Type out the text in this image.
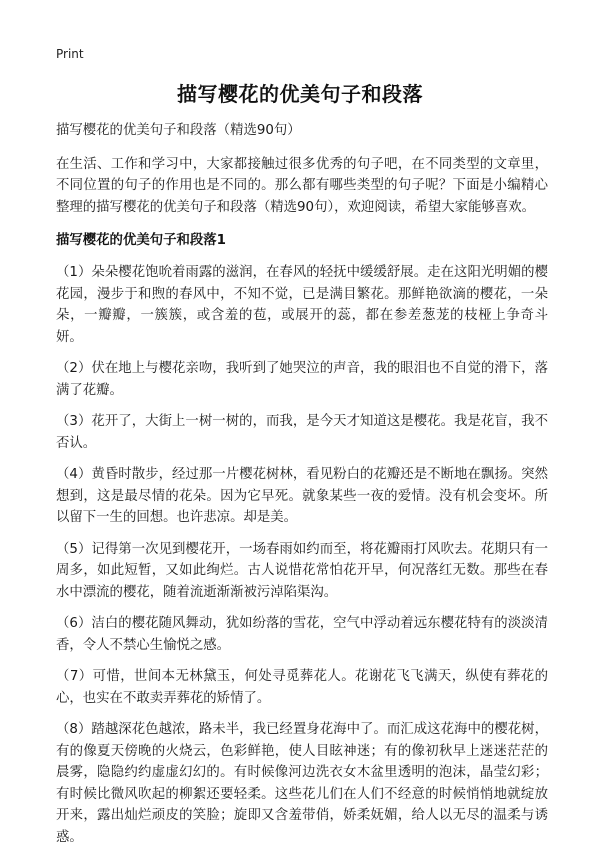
Print
描写樱花的优美句子和段落

描写樱花的优美句子和段落（精选90句）

在生活、工作和学习中，大家都接触过很多优秀的句子吧，在不同类型的文章里，不同位置的句子的作用也是不同的。那么都有哪些类型的句子呢？下面是小编精心整理的描写樱花的优美句子和段落（精选90句），欢迎阅读，希望大家能够喜欢。

描写樱花的优美句子和段落1

（1）朵朵樱花饱吮着雨露的滋润，在春风的轻抚中缓缓舒展。走在这阳光明媚的樱花园，漫步于和煦的春风中，不知不觉，已是满目繁花。那鲜艳欲滴的樱花，一朵朵，一瓣瓣，一簇簇，或含羞的苞，或展开的蕊，都在参差葱茏的枝桠上争奇斗妍。

（2）伏在地上与樱花亲吻，我听到了她哭泣的声音，我的眼泪也不自觉的滑下，落满了花瓣。

（3）花开了，大街上一树一树的，而我，是今天才知道这是樱花。我是花盲，我不否认。

（4）黄昏时散步，经过那一片樱花树林，看见粉白的花瓣还是不断地在飘扬。突然想到，这是最尽情的花朵。因为它早死。就象某些一夜的爱情。没有机会变坏。所以留下一生的回想。也许悲凉。却是美。

（5）记得第一次见到樱花开，一场春雨如约而至，将花瓣雨打风吹去。花期只有一周多，如此短暂，又如此绚烂。古人说惜花常怕花开早，何况落红无数。那些在春水中漂流的樱花，随着流逝渐渐被污淖陷渠沟。

（6）洁白的樱花随风舞动，犹如纷落的雪花，空气中浮动着远东樱花特有的淡淡清香，令人不禁心生愉悦之感。

（7）可惜，世间本无林黛玉，何处寻觅葬花人。花谢花飞飞满天，纵使有葬花的心，也实在不敢卖弄葬花的矫情了。

（8）踏越深花色越浓，路未半，我已经置身花海中了。而汇成这花海中的樱花树，有的像夏天傍晚的火烧云，色彩鲜艳，使人目眩神迷；有的像初秋早上迷迷茫茫的晨雾，隐隐约约虚虚幻幻的。有时候像河边洗衣女木盆里透明的泡沫，晶莹幻彩；有时候比微风吹起的柳絮还要轻柔。这些花儿们在人们不经意的时候悄悄地就绽放开来，露出灿烂顽皮的笑脸；旋即又含羞带俏，娇柔妩媚，给人以无尽的温柔与诱惑。
